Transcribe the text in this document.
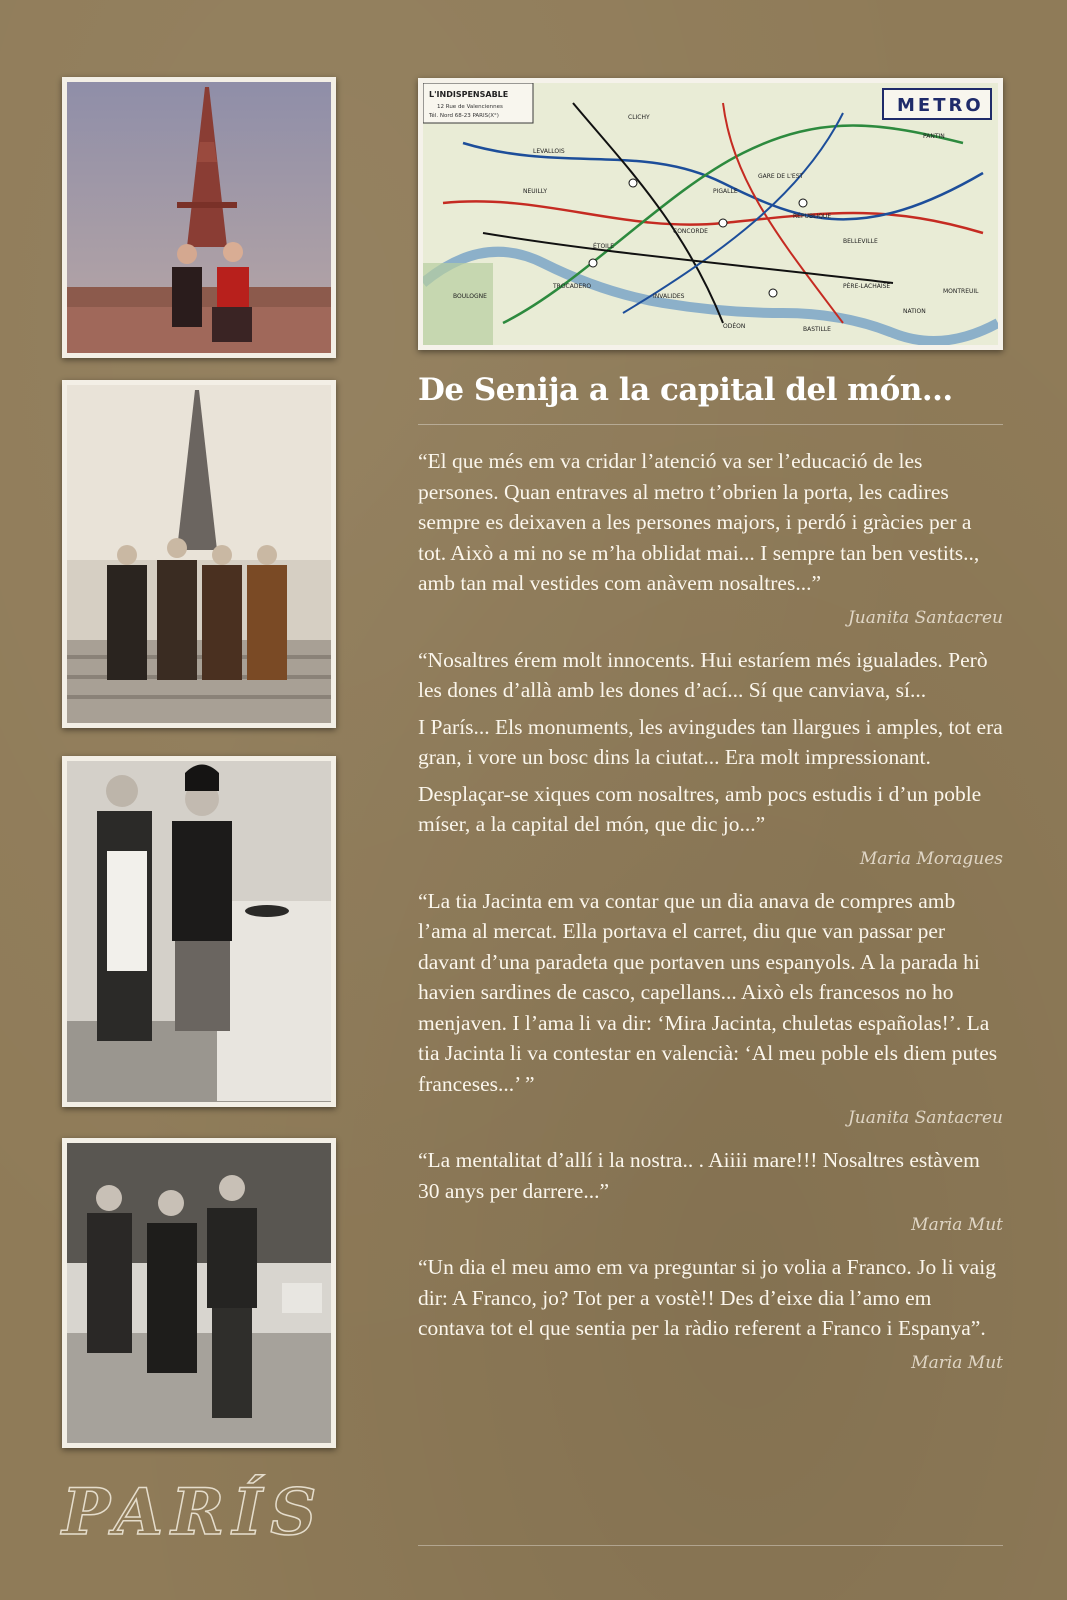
L'INDISPENSABLE
12 Rue de Valenciennes
Tél. Nord 68-23 PARIS(X°)	METRO
CLICHY
CONCORDE
RÉPUBLIQUE
ÉTOILE
BASTILLE
INVALIDES
TROCADERO
PIGALLE
GARE DE L'EST
BELLEVILLE
NATION
ODÉON
BOULOGNE
PANTIN
MONTREUIL
NEUILLY
LEVALLOIS
PÈRE-LACHAISE
De Senija a la capital del món...

“El que més em va cridar l’atenció va ser l’educació de les persones. Quan entraves al metro t’obrien la porta, les cadires sempre es deixaven a les persones majors, i perdó i gràcies per a tot. Això a mi no se m’ha oblidat mai... I sempre tan ben vestits.., amb tan mal vestides com anàvem nosaltres...”

Juanita Santacreu

“Nosaltres érem molt innocents. Hui estaríem més igualades. Però les dones d’allà amb les dones d’ací... Sí que canviava, sí...

I París... Els monuments, les avingudes tan llargues i amples, tot era gran, i vore un bosc dins la ciutat... Era molt impressionant.

Desplaçar-se xiques com nosaltres, amb pocs estudis i d’un poble míser, a la capital del món, que dic jo...”

Maria Moragues

“La tia Jacinta em va contar que un dia anava de compres amb l’ama al mercat. Ella portava el carret, diu que van passar per davant d’una paradeta que portaven uns espanyols. A la parada hi havien sardines de casco, capellans... Això els francesos no ho menjaven. I l’ama li va dir: ‘Mira Jacinta, chuletas españolas!’. La tia Jacinta li va contestar en valencià: ‘Al meu poble els diem putes franceses...’ ”

Juanita Santacreu

“La mentalitat d’allí i la nostra.. . Aiiii mare!!! Nosaltres estàvem 30 anys per darrere...”

Maria Mut

“Un dia el meu amo em va preguntar si jo volia a Franco. Jo li vaig dir: A Franco, jo? Tot per a vostè!! Des d’eixe dia l’amo em contava tot el que sentia per la ràdio referent a Franco i Espanya”.

Maria Mut
PARÍS
